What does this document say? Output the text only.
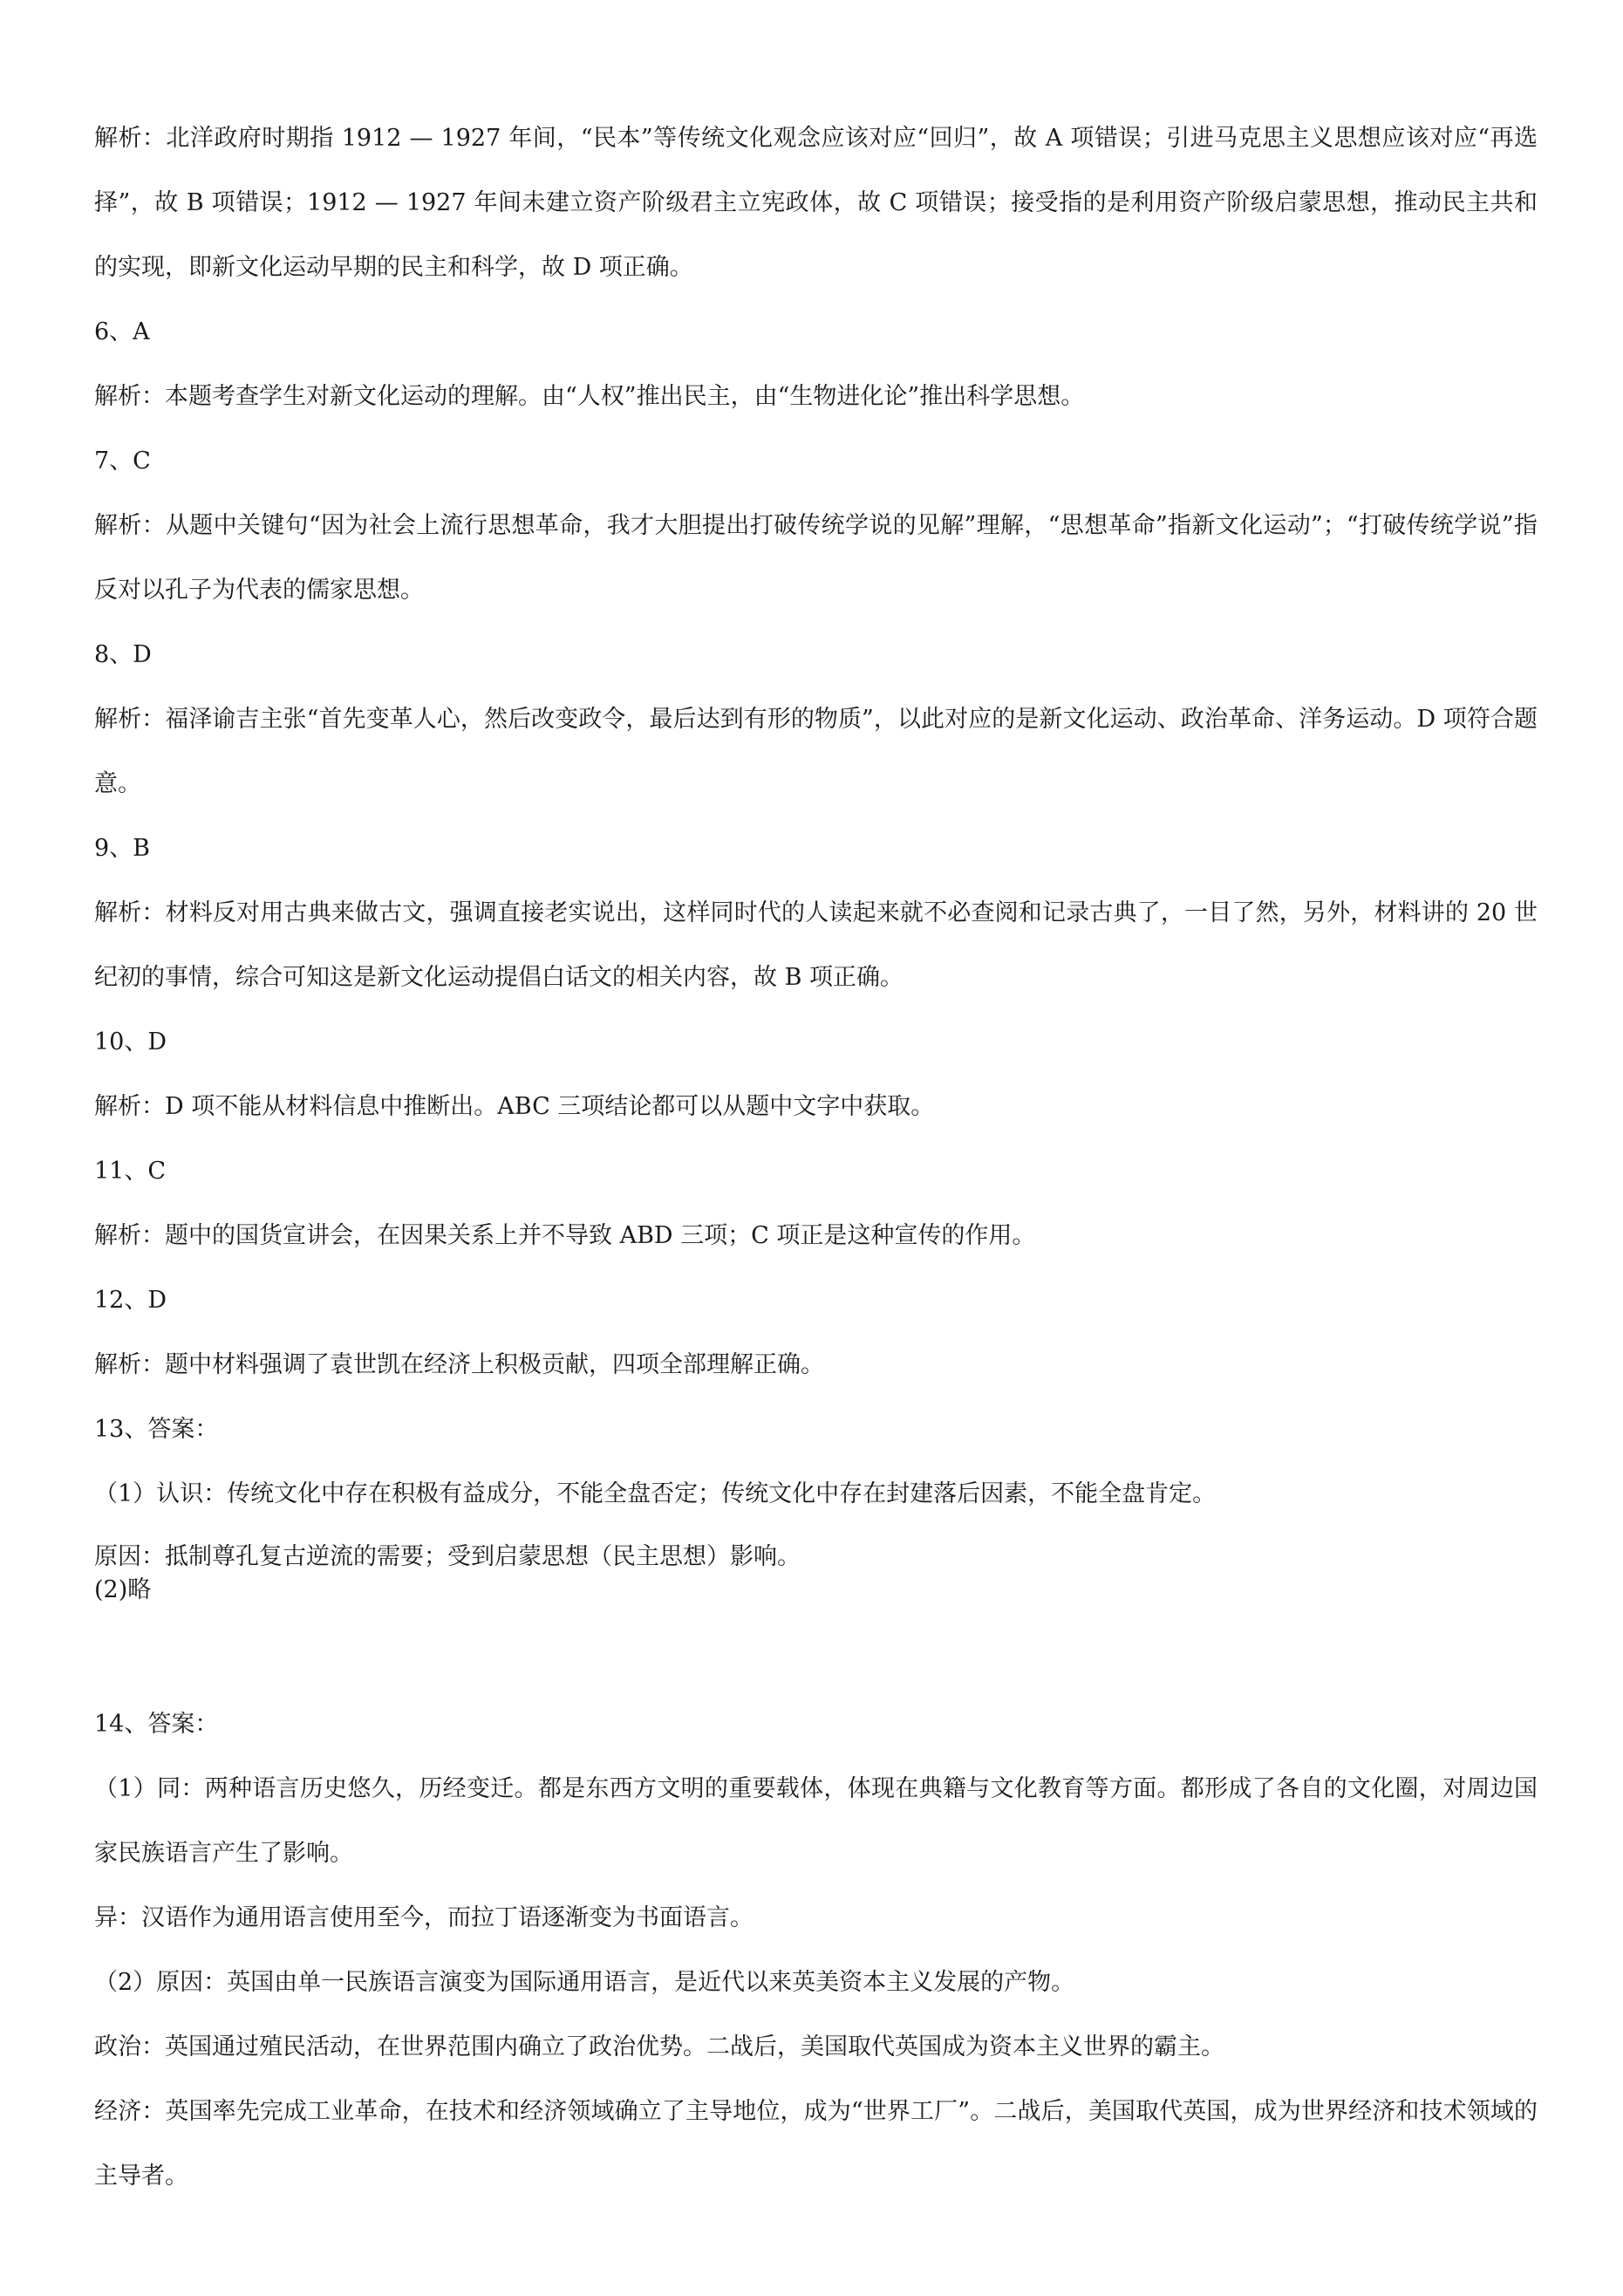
解析：北洋政府时期指 1912 — 1927 年间，“民本”等传统文化观念应该对应“回归”，故 A 项错误；引进马克思主义思想应该对应“再选择”，故 B 项错误；1912 — 1927 年间未建立资产阶级君主立宪政体，故 C 项错误；接受指的是利用资产阶级启蒙思想，推动民主共和的实现，即新文化运动早期的民主和科学，故 D 项正确。

6、A

解析：本题考查学生对新文化运动的理解。由“人权”推出民主，由“生物进化论”推出科学思想。

7、C

解析：从题中关键句“因为社会上流行思想革命，我才大胆提出打破传统学说的见解”理解，“思想革命”指新文化运动”；“打破传统学说”指反对以孔子为代表的儒家思想。

8、D

解析：福泽谕吉主张“首先变革人心，然后改变政令，最后达到有形的物质”，以此对应的是新文化运动、政治革命、洋务运动。D 项符合题意。

9、B

解析：材料反对用古典来做古文，强调直接老实说出，这样同时代的人读起来就不必查阅和记录古典了，一目了然，另外，材料讲的 20 世纪初的事情，综合可知这是新文化运动提倡白话文的相关内容，故 B 项正确。

10、D

解析：D 项不能从材料信息中推断出。ABC 三项结论都可以从题中文字中获取。

11、C

解析：题中的国货宣讲会，在因果关系上并不导致 ABD 三项；C 项正是这种宣传的作用。

12、D

解析：题中材料强调了袁世凯在经济上积极贡献，四项全部理解正确。

13、答案：

（1）认识：传统文化中存在积极有益成分，不能全盘否定；传统文化中存在封建落后因素，不能全盘肯定。

原因：抵制尊孔复古逆流的需要；受到启蒙思想（民主思想）影响。

(2)略

14、答案：

（1）同：两种语言历史悠久，历经变迁。都是东西方文明的重要载体，体现在典籍与文化教育等方面。都形成了各自的文化圈，对周边国家民族语言产生了影响。

异：汉语作为通用语言使用至今，而拉丁语逐渐变为书面语言。

（2）原因：英国由单一民族语言演变为国际通用语言，是近代以来英美资本主义发展的产物。

政治：英国通过殖民活动，在世界范围内确立了政治优势。二战后，美国取代英国成为资本主义世界的霸主。

经济：英国率先完成工业革命，在技术和经济领域确立了主导地位，成为“世界工厂”。二战后，美国取代英国，成为世界经济和技术领域的主导者。
